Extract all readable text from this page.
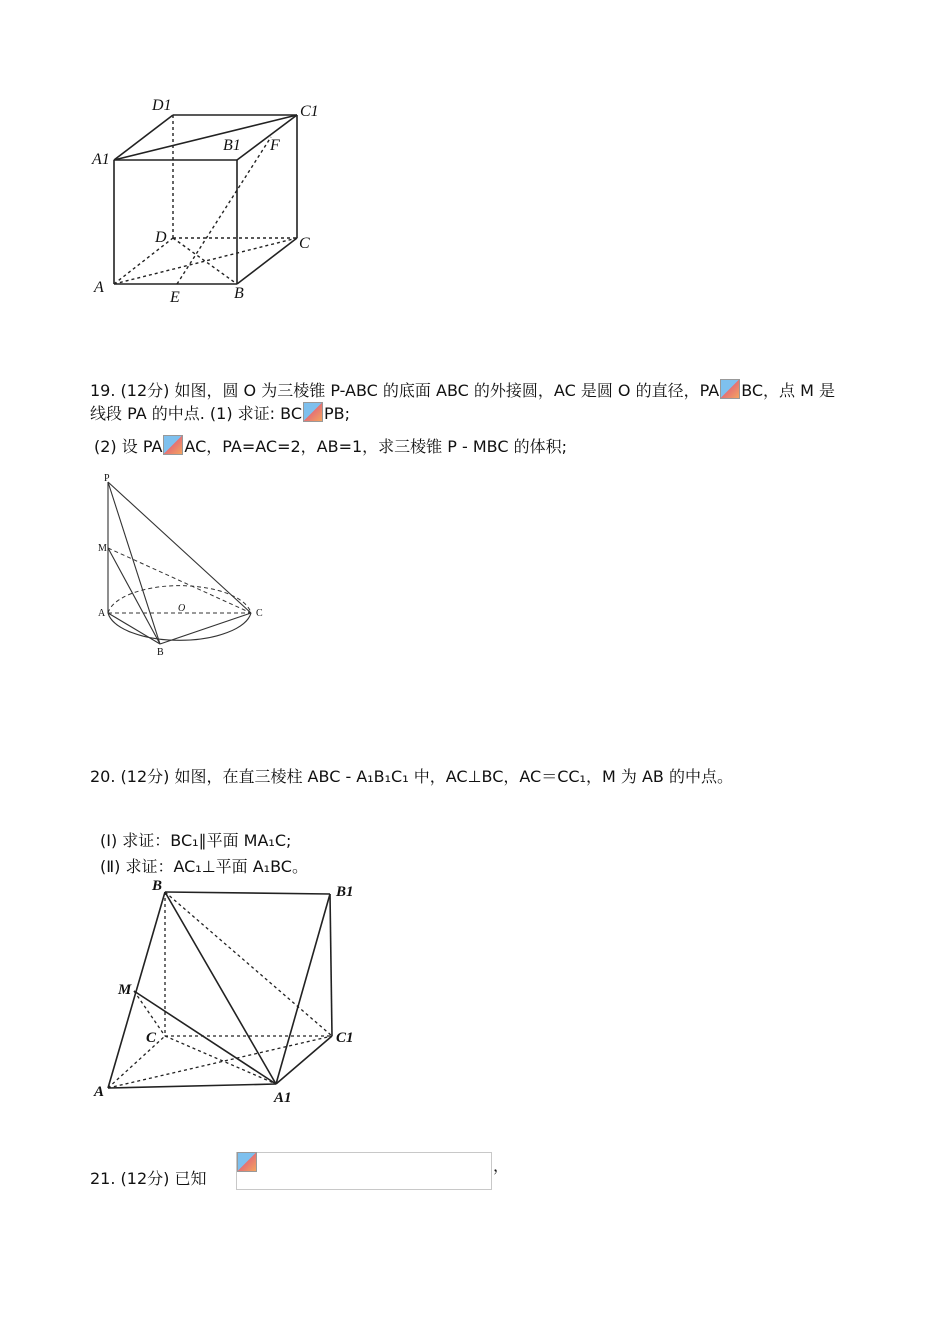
D1	C1
A1
B1 F
D	C
A
E	B
19. (12分) 如图，圆 O 为三棱锥 P-ABC 的底面 ABC 的外接圆，AC 是圆 O 的直径，PA BC，点 M 是
线段 PA 的中点. (1) 求证: BC PB;
(2) 设 PA AC，PA=AC=2，AB=1，求三棱锥 P - MBC 的体积;
P
M
A	O	C
B
20. (12分) 如图，在直三棱柱 ABC - A₁B₁C₁ 中，AC⊥BC，AC＝CC₁，M 为 AB 的中点。
(Ⅰ) 求证：BC₁∥平面 MA₁C;
(Ⅱ) 求证：AC₁⊥平面 A₁BC。
B	B1
M
C	C1
A	A1
21. (12分) 已知
，
